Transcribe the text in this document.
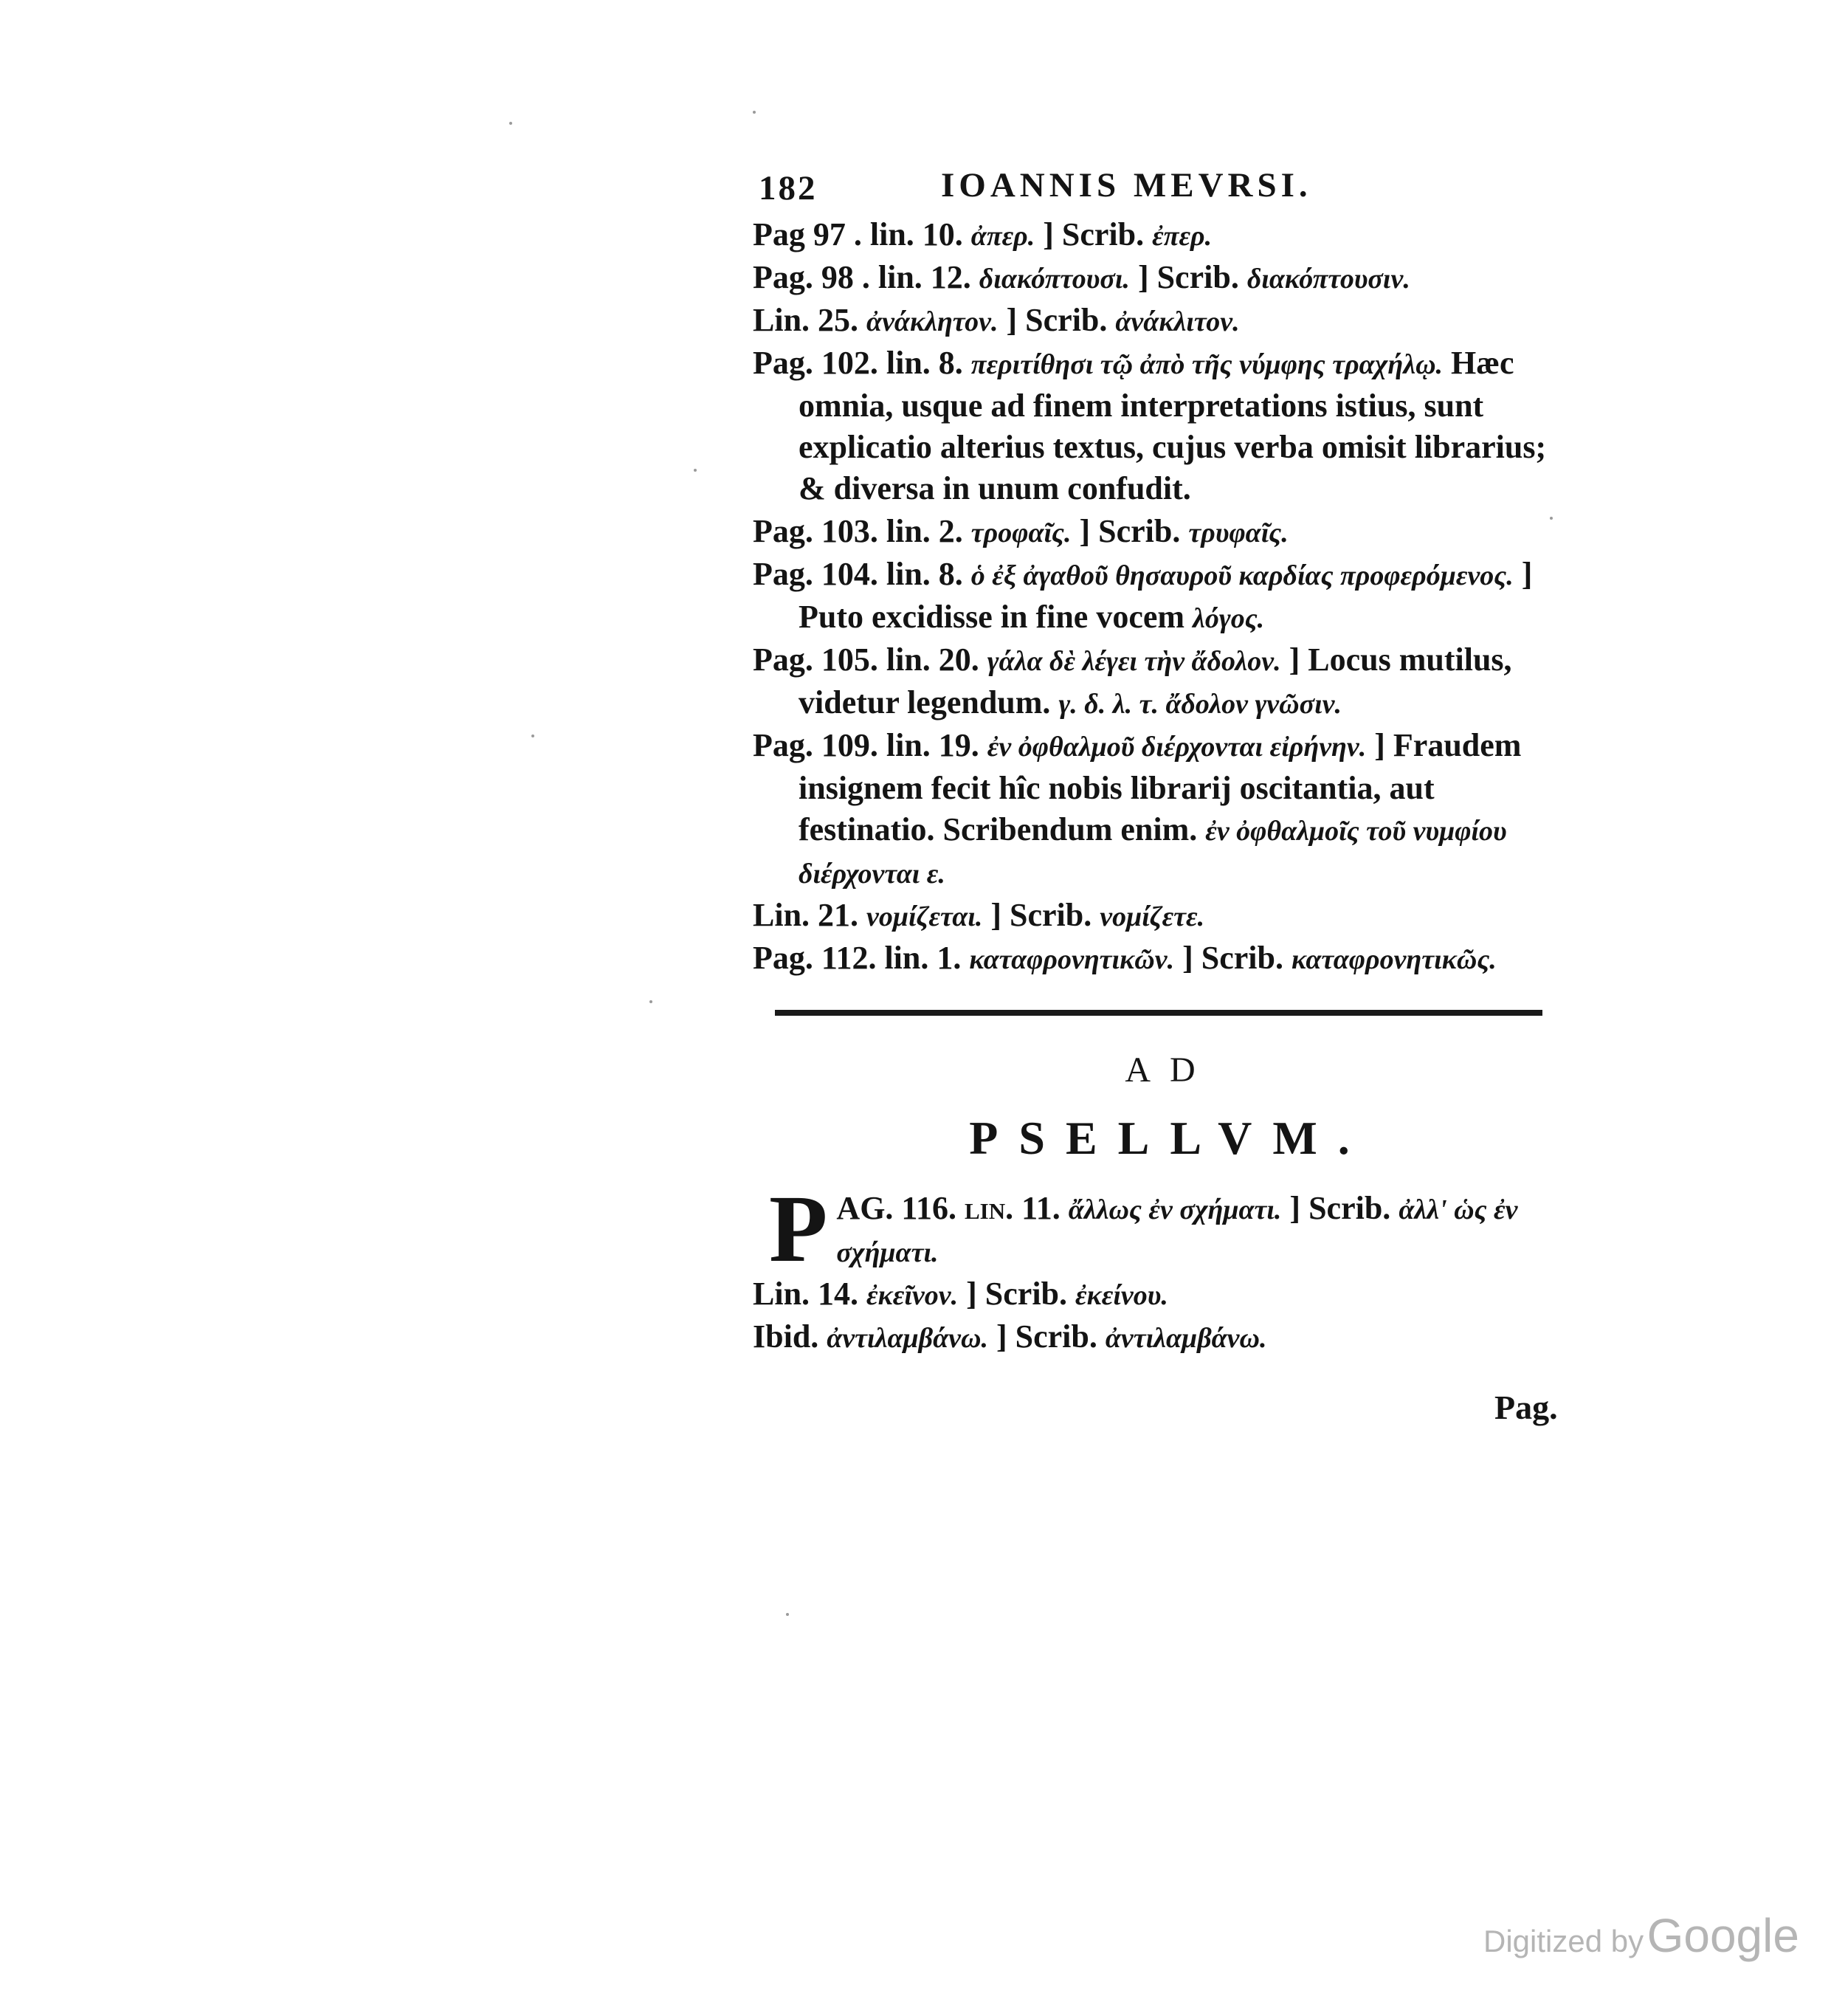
182	IOANNIS MEVRSI.

Pag 97 . lin. 10. ἀπερ. ] Scrib. ἐπερ.

Pag. 98 . lin. 12. διακόπτουσι. ] Scrib. διακόπτουσιν.

Lin. 25. ἀνάκλητον. ] Scrib. ἀνάκλιτον.

Pag. 102. lin. 8. περιτίθησι τῷ ἀπὸ τῆς νύμφης τραχήλῳ. Hæc omnia, usque ad finem interpretations istius, sunt explicatio alterius textus, cujus verba omisit librarius; & diversa in unum confudit.

Pag. 103. lin. 2. τροφαῖς. ] Scrib. τρυφαῖς.

Pag. 104. lin. 8. ὁ ἐξ ἀγαθοῦ θησαυροῦ καρδίας προφερόμενος. ] Puto excidisse in fine vocem λόγος.

Pag. 105. lin. 20. γάλα δὲ λέγει τὴν ἄδολον. ] Locus mutilus, videtur legendum. γ. δ. λ. τ. ἄδολον γνῶσιν.

Pag. 109. lin. 19. ἐν ὀφθαλμοῦ διέρχονται εἰρήνην. ] Fraudem insignem fecit hîc nobis librarij oscitantia, aut festinatio. Scribendum enim. ἐν ὀφθαλμοῖς τοῦ νυμφίου διέρχονται ε.

Lin. 21. νομίζεται. ] Scrib. νομίζετε.

Pag. 112. lin. 1. καταφρονητικῶν. ] Scrib. καταφρονητικῶς.

AD
PSELLVM.
P AG. 116. lin. 11. ἄλλως ἐν σχήματι. ] Scrib. ἀλλ' ὡς ἐν σχήματι.

Lin. 14. ἐκεῖνον. ] Scrib. ἐκείνου.

Ibid. ἀντιλαμβάνω. ] Scrib. ἀντιλαμβάνω.

Pag.
Digitized by Google
